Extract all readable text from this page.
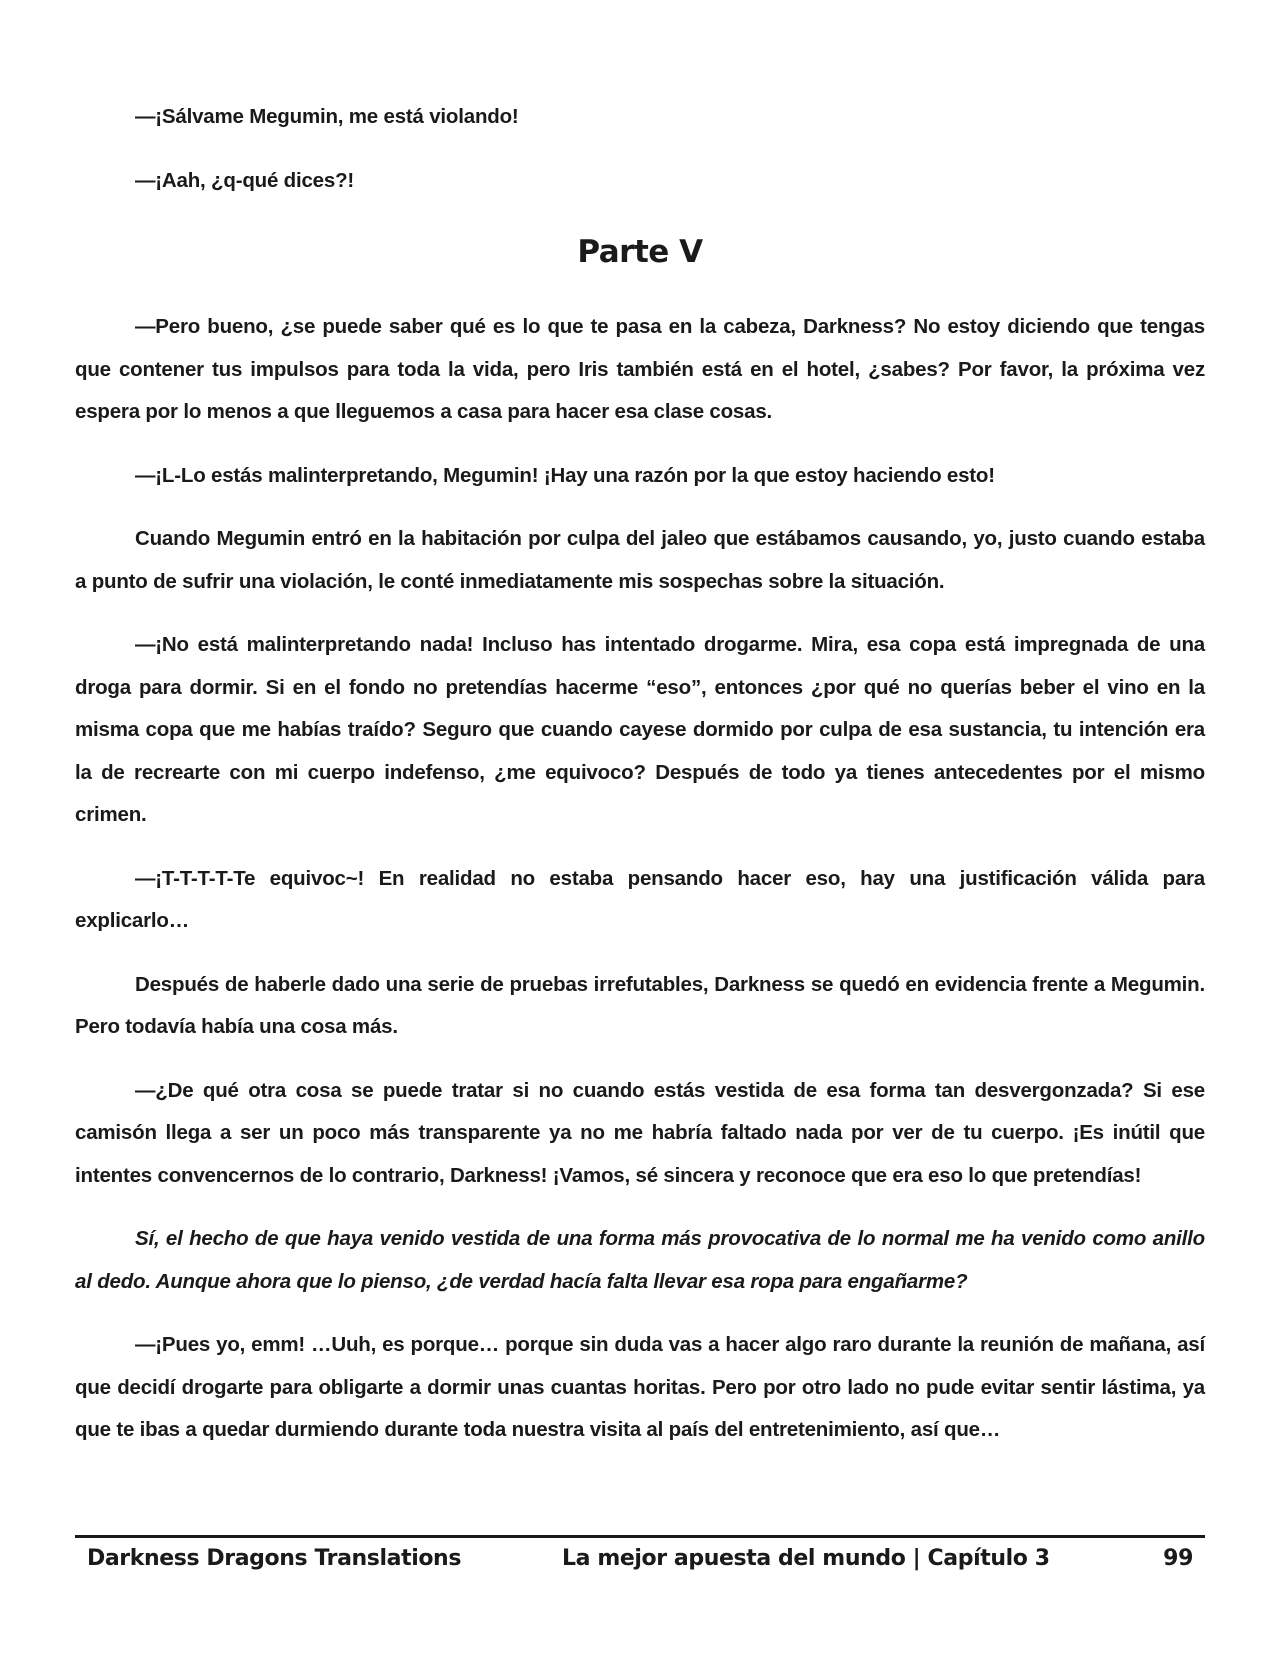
—¡Sálvame Megumin, me está violando!

—¡Aah, ¿q-qué dices?!

Parte V

—Pero bueno, ¿se puede saber qué es lo que te pasa en la cabeza, Darkness? No estoy diciendo que tengas que contener tus impulsos para toda la vida, pero Iris también está en el hotel, ¿sabes? Por favor, la próxima vez espera por lo menos a que lleguemos a casa para hacer esa clase cosas.

—¡L-Lo estás malinterpretando, Megumin! ¡Hay una razón por la que estoy haciendo esto!

Cuando Megumin entró en la habitación por culpa del jaleo que estábamos causando, yo, justo cuando estaba a punto de sufrir una violación, le conté inmediatamente mis sospechas sobre la situación.

—¡No está malinterpretando nada! Incluso has intentado drogarme. Mira, esa copa está impregnada de una droga para dormir. Si en el fondo no pretendías hacerme “eso”, entonces ¿por qué no querías beber el vino en la misma copa que me habías traído? Seguro que cuando cayese dormido por culpa de esa sustancia, tu intención era la de recrearte con mi cuerpo indefenso, ¿me equivoco? Después de todo ya tienes antecedentes por el mismo crimen.

—¡T-T-T-T-Te equivoc~! En realidad no estaba pensando hacer eso, hay una justificación válida para explicarlo…

Después de haberle dado una serie de pruebas irrefutables, Darkness se quedó en evidencia frente a Megumin. Pero todavía había una cosa más.

—¿De qué otra cosa se puede tratar si no cuando estás vestida de esa forma tan desvergonzada? Si ese camisón llega a ser un poco más transparente ya no me habría faltado nada por ver de tu cuerpo. ¡Es inútil que intentes convencernos de lo contrario, Darkness! ¡Vamos, sé sincera y reconoce que era eso lo que pretendías!

Sí, el hecho de que haya venido vestida de una forma más provocativa de lo normal me ha venido como anillo al dedo. Aunque ahora que lo pienso, ¿de verdad hacía falta llevar esa ropa para engañarme?

—¡Pues yo, emm! …Uuh, es porque… porque sin duda vas a hacer algo raro durante la reunión de mañana, así que decidí drogarte para obligarte a dormir unas cuantas horitas. Pero por otro lado no pude evitar sentir lástima, ya que te ibas a quedar durmiendo durante toda nuestra visita al país del entretenimiento, así que…

Darkness Dragons Translations	La mejor apuesta del mundo | Capítulo 3	99
